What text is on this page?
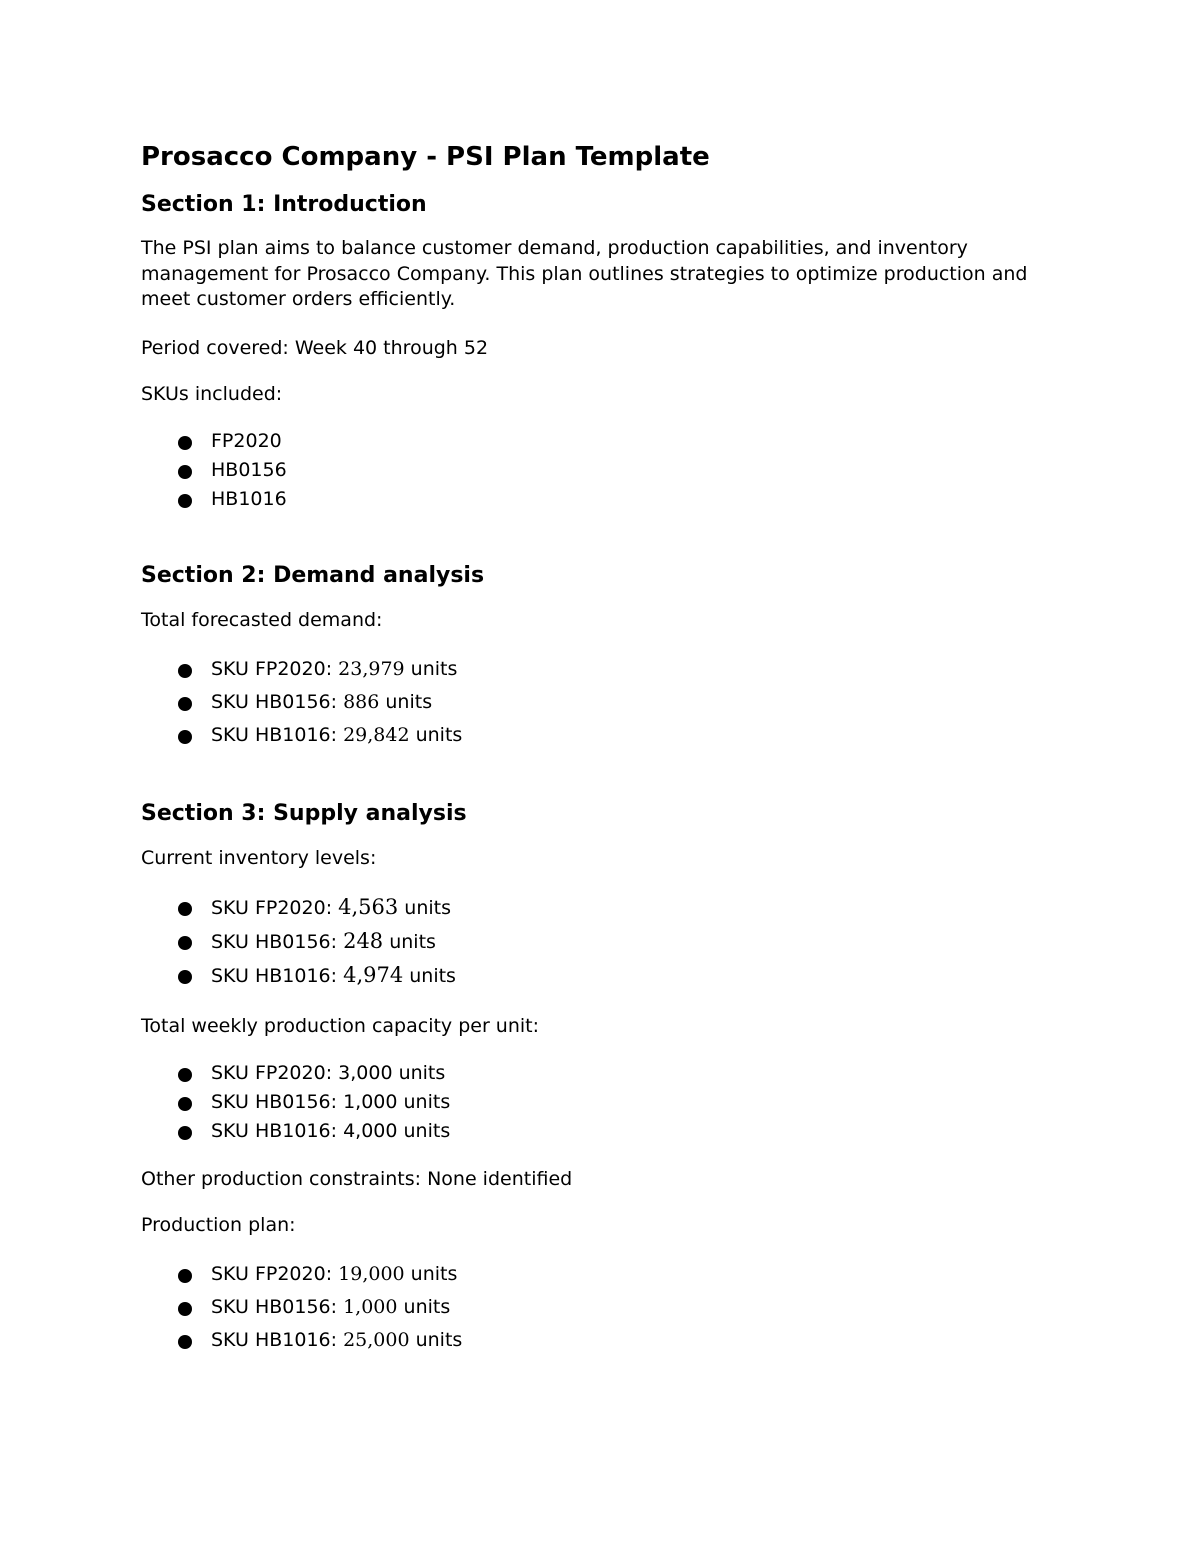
Prosacco Company - PSI Plan Template
Section 1: Introduction

The PSI plan aims to balance customer demand, production capabilities, and inventory management for Prosacco Company. This plan outlines strategies to optimize production and meet customer orders efficiently.

Period covered: Week 40 through 52

SKUs included:

FP2020
HB0156
HB1016
Section 2: Demand analysis

Total forecasted demand:

SKU FP2020: 23,979 units
SKU HB0156: 886 units
SKU HB1016: 29,842 units
Section 3: Supply analysis

Current inventory levels:

SKU FP2020: 4,563 units
SKU HB0156: 248 units
SKU HB1016: 4,974 units

Total weekly production capacity per unit:

SKU FP2020: 3,000 units
SKU HB0156: 1,000 units
SKU HB1016: 4,000 units

Other production constraints: None identified

Production plan:

SKU FP2020: 19,000 units
SKU HB0156: 1,000 units
SKU HB1016: 25,000 units
